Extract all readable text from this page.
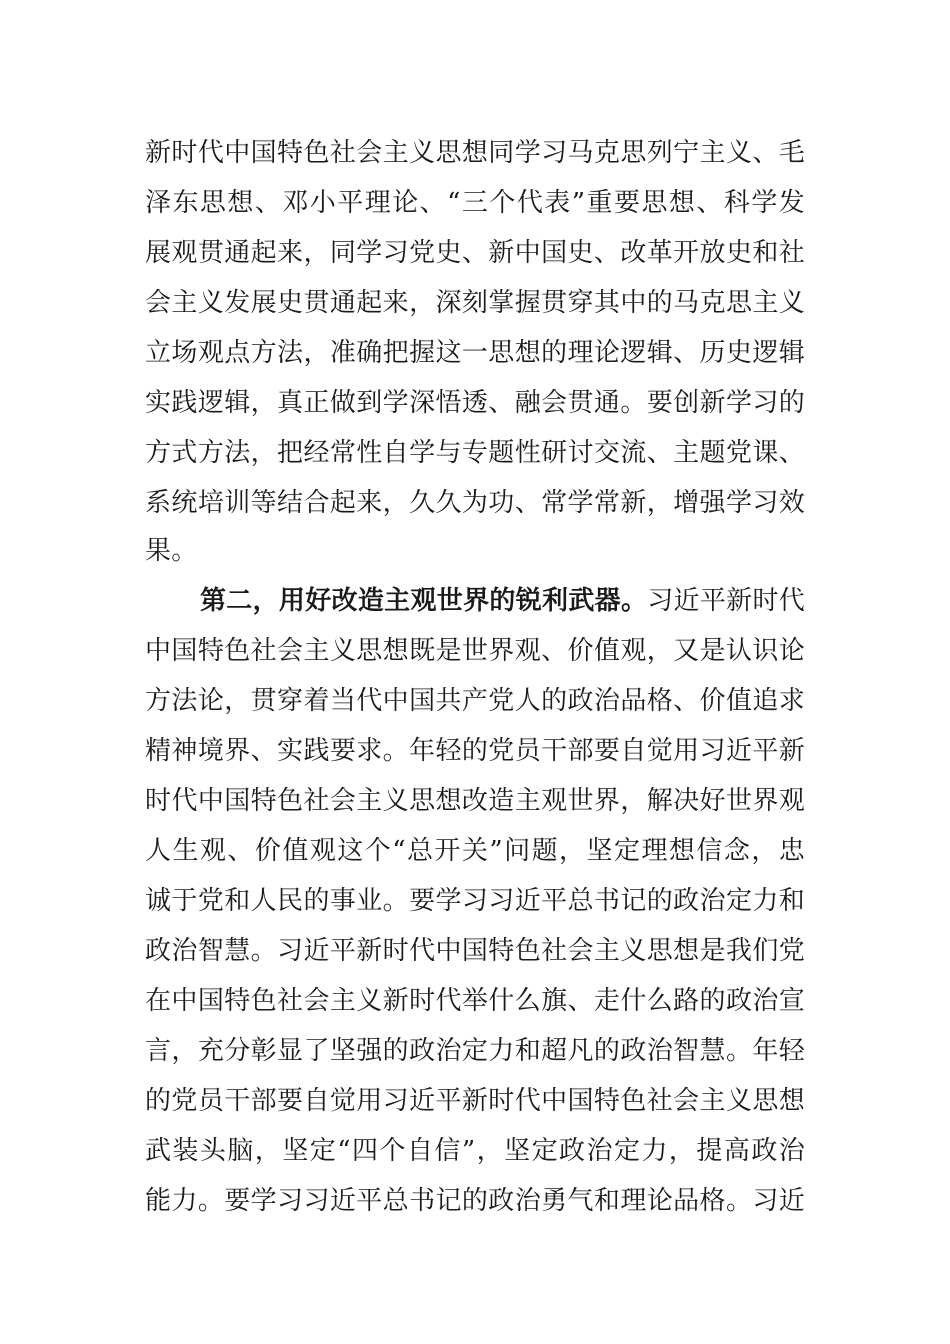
新时代中国特色社会主义思想同学习马克思列宁主义、毛
泽东思想、邓小平理论、“三个代表”重要思想、科学发
展观贯通起来，同学习党史、新中国史、改革开放史和社
会主义发展史贯通起来，深刻掌握贯穿其中的马克思主义
立场观点方法，准确把握这一思想的理论逻辑、历史逻辑
实践逻辑，真正做到学深悟透、融会贯通。要创新学习的
方式方法，把经常性自学与专题性研讨交流、主题党课、
系统培训等结合起来，久久为功、常学常新，增强学习效
果。
第二，用好改造主观世界的锐利武器。习近平新时代
中国特色社会主义思想既是世界观、价值观，又是认识论
方法论，贯穿着当代中国共产党人的政治品格、价值追求
精神境界、实践要求。年轻的党员干部要自觉用习近平新
时代中国特色社会主义思想改造主观世界，解决好世界观
人生观、价值观这个“总开关”问题，坚定理想信念，忠
诚于党和人民的事业。要学习习近平总书记的政治定力和
政治智慧。习近平新时代中国特色社会主义思想是我们党
在中国特色社会主义新时代举什么旗、走什么路的政治宣
言，充分彰显了坚强的政治定力和超凡的政治智慧。年轻
的党员干部要自觉用习近平新时代中国特色社会主义思想
武装头脑，坚定“四个自信”，坚定政治定力，提高政治
能力。要学习习近平总书记的政治勇气和理论品格。习近
